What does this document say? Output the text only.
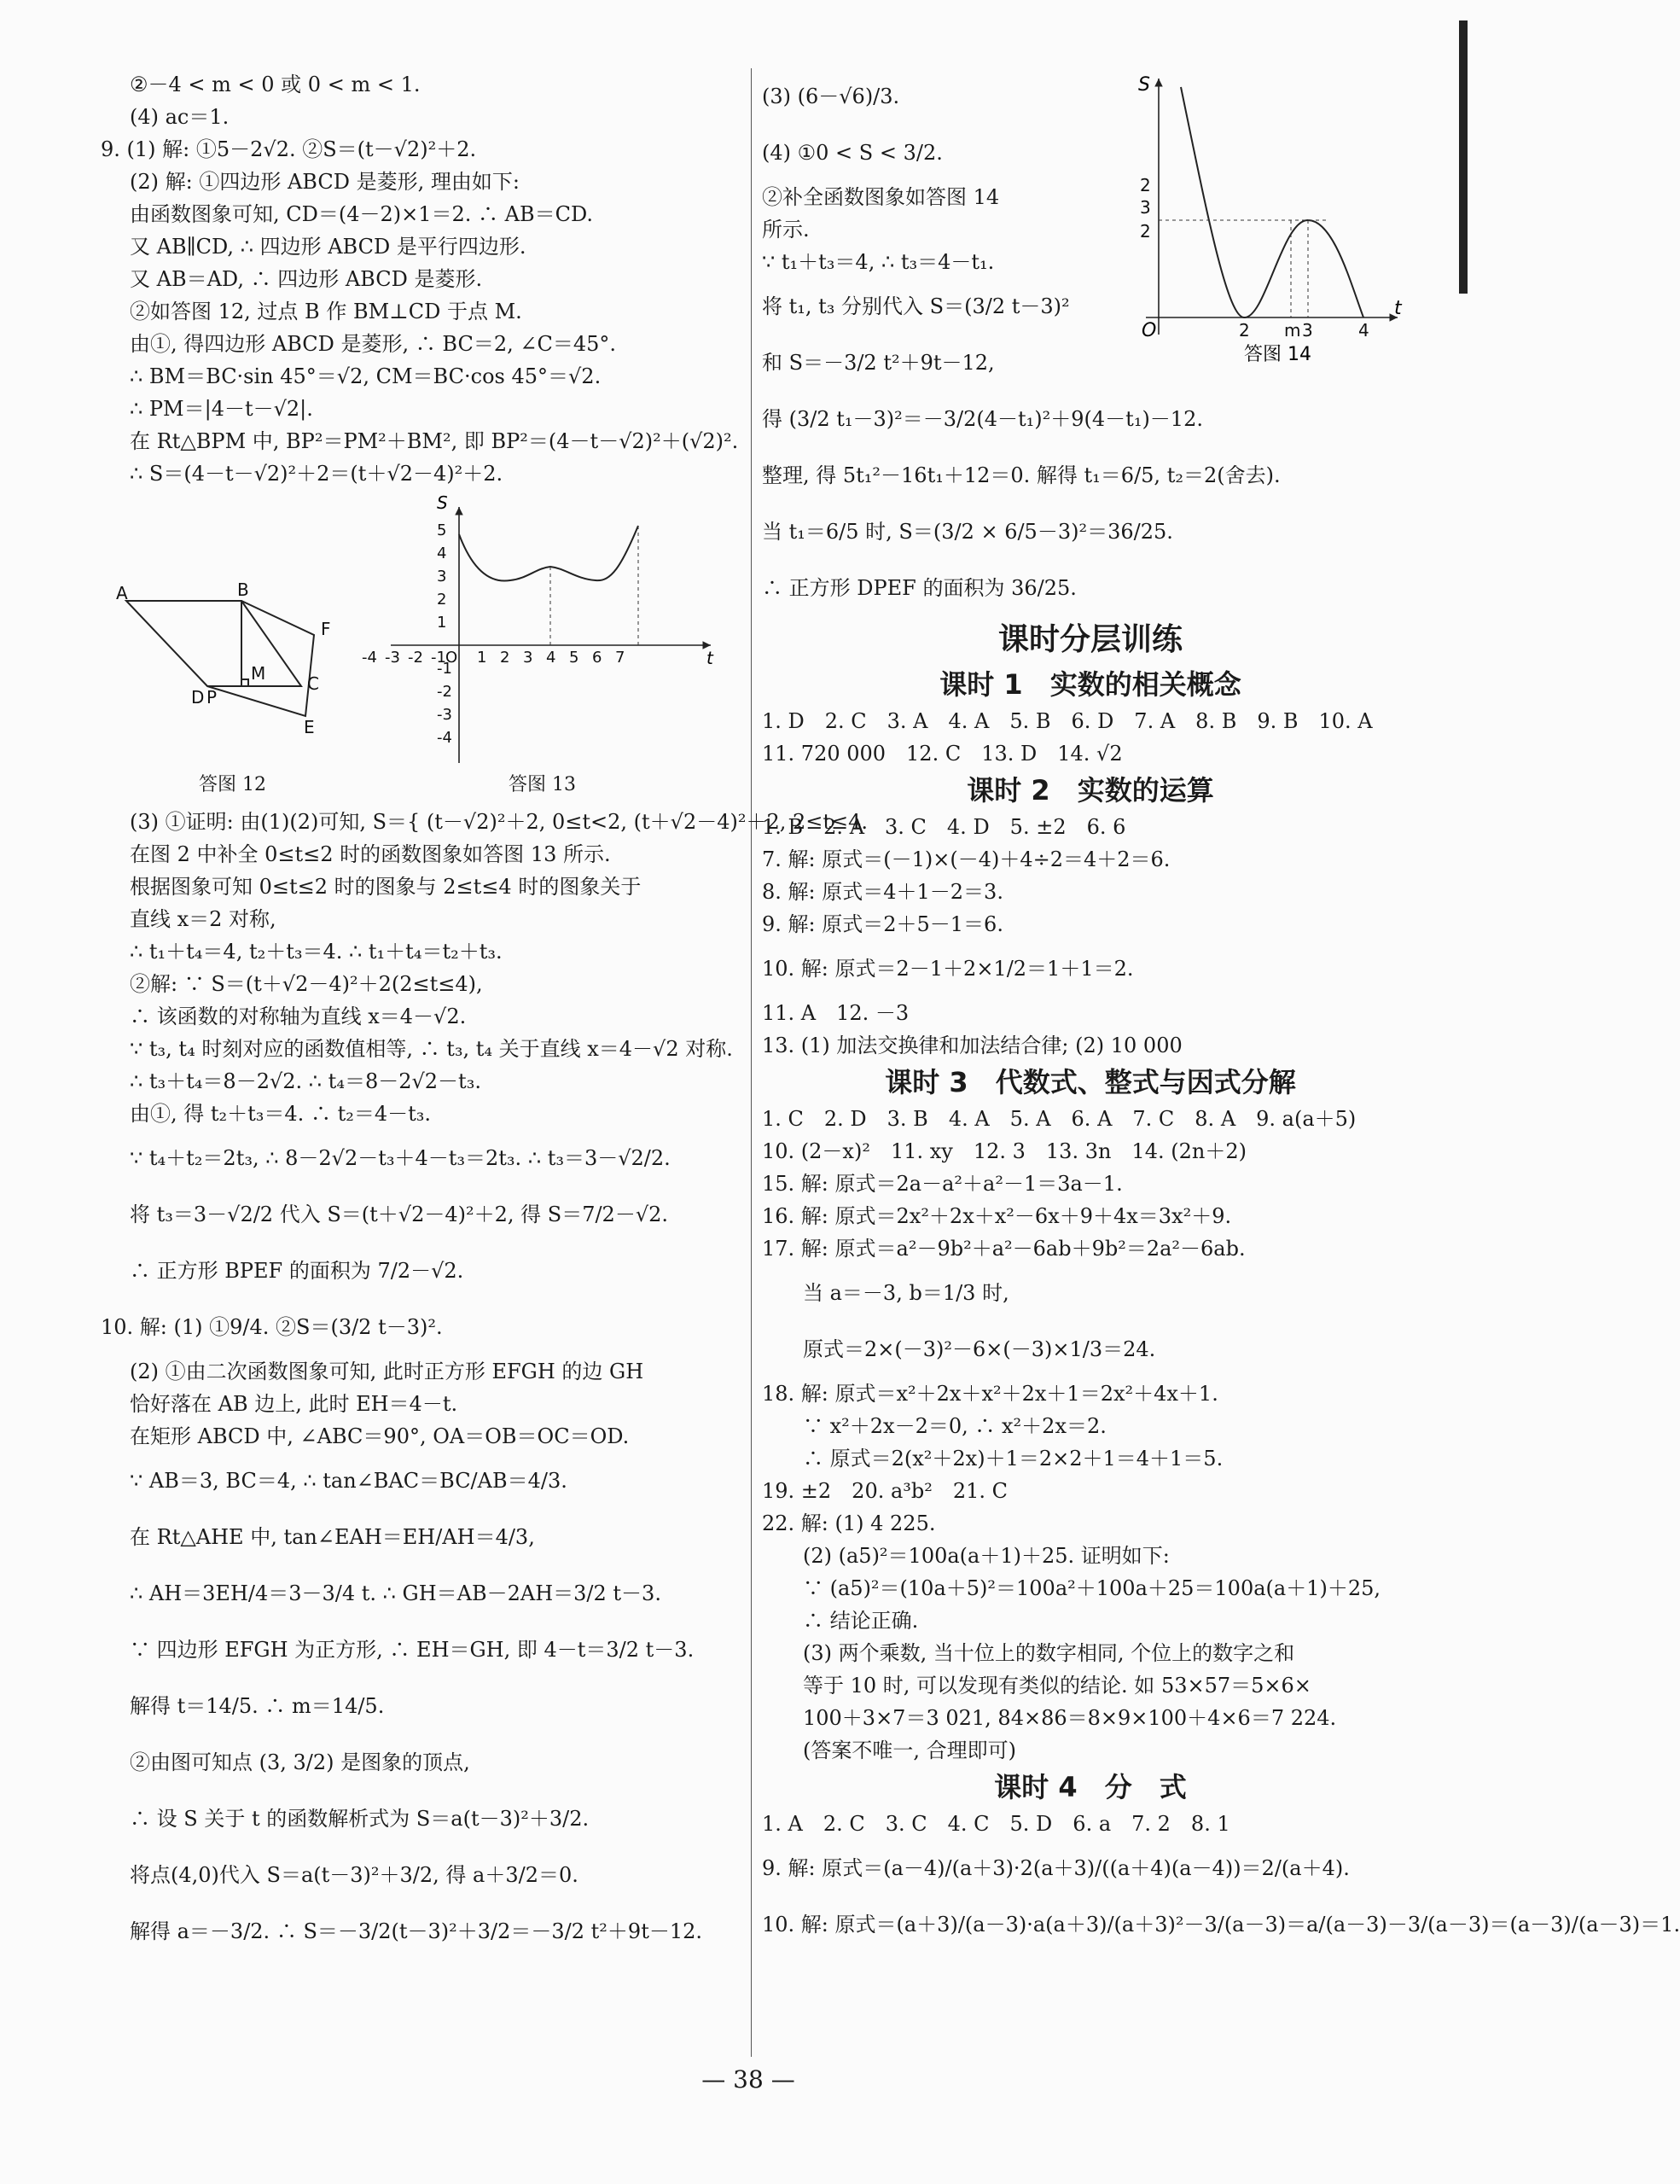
②－4 < m < 0 或 0 < m < 1.
(4) ac＝1.
9. (1) 解: ①5－2√2. ②S＝(t－√2)²＋2.
(2) 解: ①四边形 ABCD 是菱形, 理由如下:
由函数图象可知, CD＝(4－2)×1＝2. ∴ AB＝CD.
又 AB∥CD, ∴ 四边形 ABCD 是平行四边形.
又 AB＝AD, ∴ 四边形 ABCD 是菱形.
②如答图 12, 过点 B 作 BM⊥CD 于点 M.
由①, 得四边形 ABCD 是菱形, ∴ BC＝2, ∠C＝45°.
∴ BM＝BC·sin 45°＝√2, CM＝BC·cos 45°＝√2.
∴ PM＝|4－t－√2|.
在 Rt△BPM 中, BP²＝PM²＋BM², 即 BP²＝(4－t－√2)²＋(√2)².
∴ S＝(4－t－√2)²＋2＝(t＋√2－4)²＋2.
A	B
F
M C
D P
E
答图 12
-4 -3 -2 -1 1 2 3 4 5 6 7
5
4
3
2
1
-1
-2
-3
-4
O
S
t
答图 13
(3) ①证明: 由(1)(2)可知, S＝{ (t－√2)²＋2, 0≤t<2, (t＋√2－4)²＋2, 2≤t≤4.
在图 2 中补全 0≤t≤2 时的函数图象如答图 13 所示.
根据图象可知 0≤t≤2 时的图象与 2≤t≤4 时的图象关于
直线 x＝2 对称,
∴ t₁＋t₄＝4, t₂＋t₃＝4. ∴ t₁＋t₄＝t₂＋t₃.
②解: ∵ S＝(t＋√2－4)²＋2(2≤t≤4),
∴ 该函数的对称轴为直线 x＝4－√2.
∵ t₃, t₄ 时刻对应的函数值相等, ∴ t₃, t₄ 关于直线 x＝4－√2 对称.
∴ t₃＋t₄＝8－2√2. ∴ t₄＝8－2√2－t₃.
由①, 得 t₂＋t₃＝4. ∴ t₂＝4－t₃.
∵ t₄＋t₂＝2t₃, ∴ 8－2√2－t₃＋4－t₃＝2t₃. ∴ t₃＝3－√2/2.
将 t₃＝3－√2/2 代入 S＝(t＋√2－4)²＋2, 得 S＝7/2－√2.
∴ 正方形 BPEF 的面积为 7/2－√2.
10. 解: (1) ①9/4. ②S＝(3/2 t－3)².
(2) ①由二次函数图象可知, 此时正方形 EFGH 的边 GH
恰好落在 AB 边上, 此时 EH＝4－t.
在矩形 ABCD 中, ∠ABC＝90°, OA＝OB＝OC＝OD.
∵ AB＝3, BC＝4, ∴ tan∠BAC＝BC/AB＝4/3.
在 Rt△AHE 中, tan∠EAH＝EH/AH＝4/3,
∴ AH＝3EH/4＝3－3/4 t. ∴ GH＝AB－2AH＝3/2 t－3.
∵ 四边形 EFGH 为正方形, ∴ EH＝GH, 即 4－t＝3/2 t－3.
解得 t＝14/5. ∴ m＝14/5.
②由图可知点 (3, 3/2) 是图象的顶点,
∴ 设 S 关于 t 的函数解析式为 S＝a(t－3)²＋3/2.
将点(4,0)代入 S＝a(t－3)²＋3/2, 得 a＋3/2＝0.
解得 a＝－3/2. ∴ S＝－3/2(t－3)²＋3/2＝－3/2 t²＋9t－12.
2 m 3	4
2
3
2
S
t
O
答图 14
(3) (6－√6)/3.
(4) ①0 < S < 3/2.
②补全函数图象如答图 14
所示.
∵ t₁＋t₃＝4, ∴ t₃＝4－t₁.
将 t₁, t₃ 分别代入 S＝(3/2 t－3)²
和 S＝－3/2 t²＋9t－12,
得 (3/2 t₁－3)²＝－3/2(4－t₁)²＋9(4－t₁)－12.
整理, 得 5t₁²－16t₁＋12＝0. 解得 t₁＝6/5, t₂＝2(舍去).
当 t₁＝6/5 时, S＝(3/2 × 6/5－3)²＝36/25.
∴ 正方形 DPEF 的面积为 36/25.
课时分层训练
课时 1　实数的相关概念
1. D　2. C　3. A　4. A　5. B　6. D　7. A　8. B　9. B　10. A
11. 720 000　12. C　13. D　14. √2
课时 2　实数的运算
1. B　2. A　3. C　4. D　5. ±2　6. 6
7. 解: 原式＝(－1)×(－4)＋4÷2＝4＋2＝6.
8. 解: 原式＝4＋1－2＝3.
9. 解: 原式＝2＋5－1＝6.
10. 解: 原式＝2－1＋2×1/2＝1＋1＝2.
11. A　12. －3
13. (1) 加法交换律和加法结合律; (2) 10 000
课时 3　代数式、整式与因式分解
1. C　2. D　3. B　4. A　5. A　6. A　7. C　8. A　9. a(a＋5)
10. (2－x)²　11. xy　12. 3　13. 3n　14. (2n＋2)
15. 解: 原式＝2a－a²＋a²－1＝3a－1.
16. 解: 原式＝2x²＋2x＋x²－6x＋9＋4x＝3x²＋9.
17. 解: 原式＝a²－9b²＋a²－6ab＋9b²＝2a²－6ab.
　　当 a＝－3, b＝1/3 时,
　　原式＝2×(－3)²－6×(－3)×1/3＝24.
18. 解: 原式＝x²＋2x＋x²＋2x＋1＝2x²＋4x＋1.
　　∵ x²＋2x－2＝0, ∴ x²＋2x＝2.
　　∴ 原式＝2(x²＋2x)＋1＝2×2＋1＝4＋1＝5.
19. ±2　20. a³b²　21. C
22. 解: (1) 4 225.
　　(2) (a5)²＝100a(a＋1)＋25. 证明如下:
　　∵ (a5)²＝(10a＋5)²＝100a²＋100a＋25＝100a(a＋1)＋25,
　　∴ 结论正确.
　　(3) 两个乘数, 当十位上的数字相同, 个位上的数字之和
　　等于 10 时, 可以发现有类似的结论. 如 53×57＝5×6×
　　100＋3×7＝3 021, 84×86＝8×9×100＋4×6＝7 224.
　　(答案不唯一, 合理即可)
课时 4　分　式
1. A　2. C　3. C　4. C　5. D　6. a　7. 2　8. 1
9. 解: 原式＝(a－4)/(a＋3)·2(a＋3)/((a＋4)(a－4))＝2/(a＋4).
10. 解: 原式＝(a＋3)/(a－3)·a(a＋3)/(a＋3)²－3/(a－3)＝a/(a－3)－3/(a－3)＝(a－3)/(a－3)＝1.
— 38 —
